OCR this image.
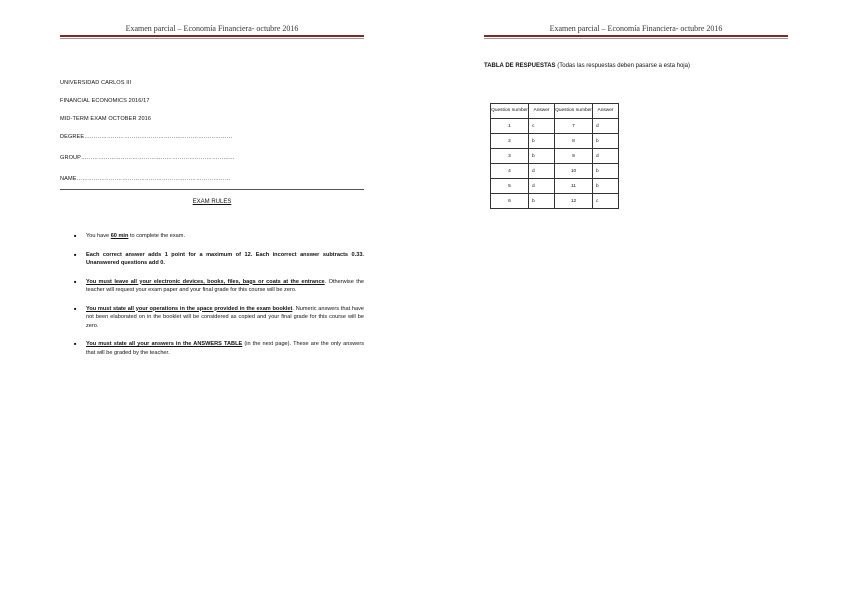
Examen parcial – Economía Financiera- octubre 2016
UNIVERSIDAD CARLOS III
FINANCIAL ECONOMICS 2016/17
MID-TERM EXAM OCTOBER 2016
DEGREE……………………………………………………………………
GROUP………………………………………………………………………
NAME………………………………………………………………………
EXAM RULES
■ You have 60 min to complete the exam.
■ Each correct answer adds 1 point for a maximum of 12. Each incorrect answer subtracts 0.33. Unanswered questions add 0.
■ You must leave all your electronic devices, books, files, bags or coats at the entrance. Otherwise the teacher will request your exam paper and your final grade for this course will be zero.
■ You must state all your operations in the space provided in the exam booklet. Numeric answers that have not been elaborated on in the booklet will be considered as copied and your final grade for this course will be zero.
■ You must state all your answers in the ANSWERS TABLE (in the next page). These are the only answers that will be graded by the teacher.
Examen parcial – Economía Financiera- octubre 2016
TABLA DE RESPUESTAS (Todas las respuestas deben pasarse a esta hoja)
Question number	Answer	Question number	Answer
1	c	7	d
2	b	8	b
3	b	9	d
4	d	10	b
5	d	11	b
6	b	12	c
